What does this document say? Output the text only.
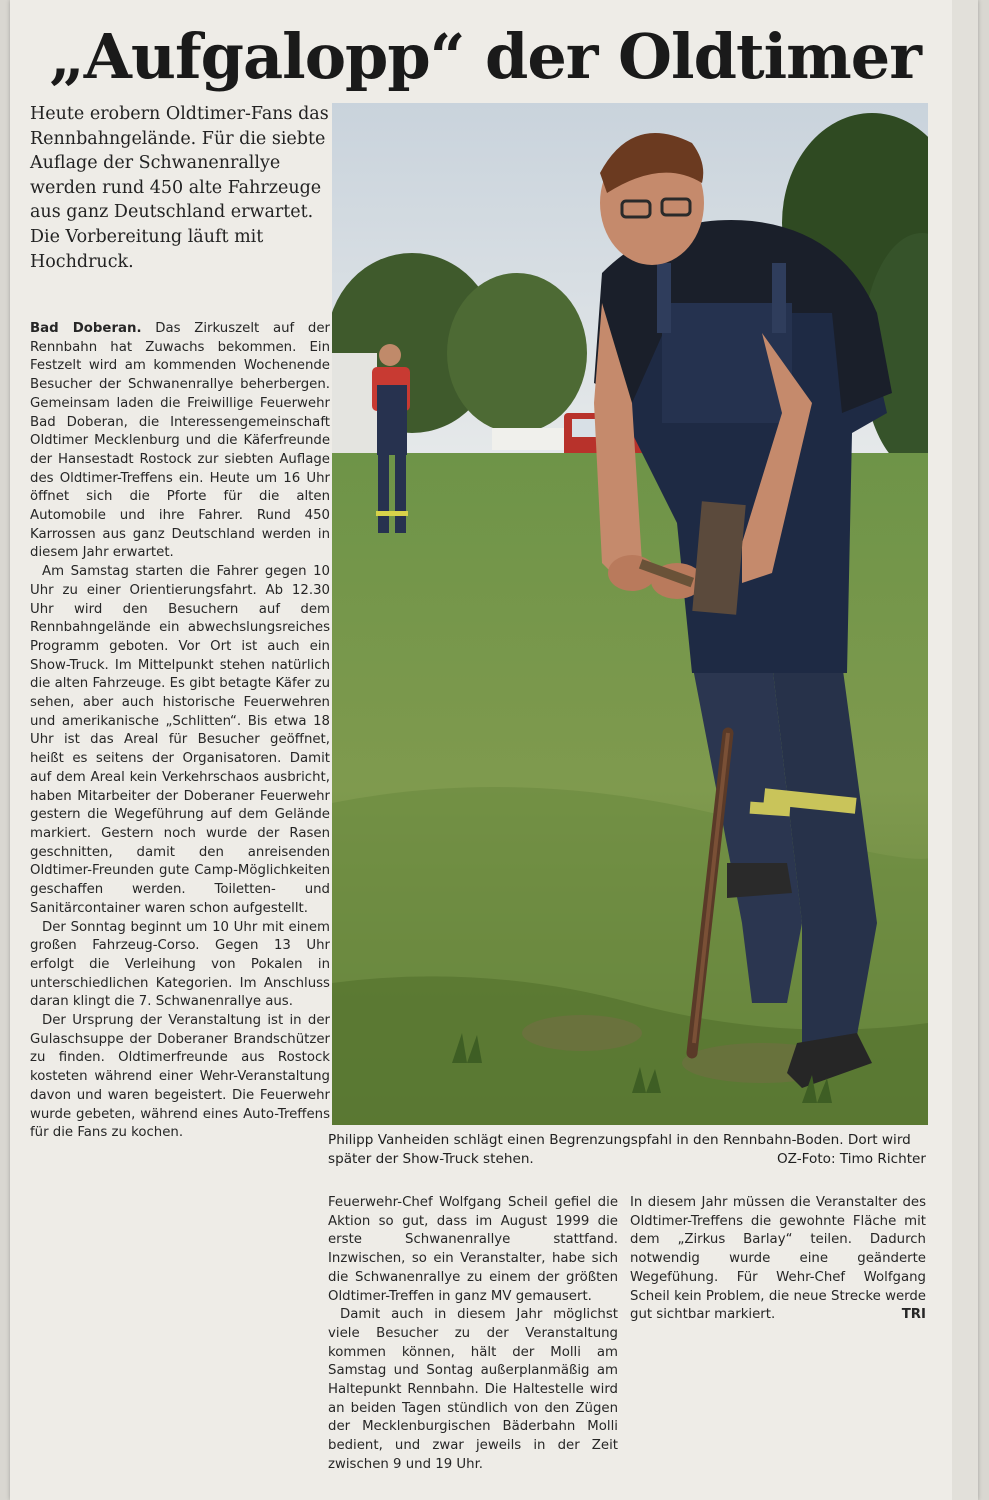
„Aufgalopp“ der Oldtimer
Heute erobern Oldtimer-Fans das Rennbahngelände. Für die siebte Auflage der Schwanenrallye werden rund 450 alte Fahrzeuge aus ganz Deutschland erwartet. Die Vorbereitung läuft mit Hochdruck.

Bad Doberan. Das Zirkuszelt auf der Rennbahn hat Zuwachs bekommen. Ein Festzelt wird am kommenden Wochenende Besucher der Schwanenrallye beherbergen. Gemeinsam laden die Freiwillige Feuerwehr Bad Doberan, die Interessengemeinschaft Oldtimer Mecklenburg und die Käferfreunde der Hansestadt Rostock zur siebten Auflage des Oldtimer-Treffens ein. Heute um 16 Uhr öffnet sich die Pforte für die alten Automobile und ihre Fahrer. Rund 450 Karrossen aus ganz Deutschland werden in diesem Jahr erwartet.

Am Samstag starten die Fahrer gegen 10 Uhr zu einer Orientierungsfahrt. Ab 12.30 Uhr wird den Besuchern auf dem Rennbahngelände ein abwechslungsreiches Programm geboten. Vor Ort ist auch ein Show-Truck. Im Mittelpunkt stehen natürlich die alten Fahrzeuge. Es gibt betagte Käfer zu sehen, aber auch historische Feuerwehren und amerikanische „Schlitten“. Bis etwa 18 Uhr ist das Areal für Besucher geöffnet, heißt es seitens der Organisatoren. Damit auf dem Areal kein Verkehrschaos ausbricht, haben Mitarbeiter der Doberaner Feuerwehr gestern die Wegeführung auf dem Gelände markiert. Gestern noch wurde der Rasen geschnitten, damit den anreisenden Oldtimer-Freunden gute Camp-Möglichkeiten geschaffen werden. Toiletten- und Sanitärcontainer waren schon aufgestellt.

Der Sonntag beginnt um 10 Uhr mit einem großen Fahrzeug-Corso. Gegen 13 Uhr erfolgt die Verleihung von Pokalen in unterschiedlichen Kategorien. Im Anschluss daran klingt die 7. Schwanenrallye aus.

Der Ursprung der Veranstaltung ist in der Gulaschsuppe der Doberaner Brandschützer zu finden. Oldtimerfreunde aus Rostock kosteten während einer Wehr-Veranstaltung davon und waren begeistert. Die Feuerwehr wurde gebeten, während eines Auto-Treffens für die Fans zu kochen.	Philipp Vanheiden schlägt einen Begrenzungspfahl in den Rennbahn-Boden. Dort wird später der Show-Truck stehen.	OZ-Foto: Timo Richter

Feuerwehr-Chef Wolfgang Scheil gefiel die Aktion so gut, dass im August 1999 die erste Schwanenrallye stattfand. Inzwischen, so ein Veranstalter, habe sich die Schwanenrallye zu einem der größten Oldtimer-Treffen in ganz MV gemausert.

Damit auch in diesem Jahr möglichst viele Besucher zu der Veranstaltung kommen können, hält der Molli am Samstag und Sontag außerplanmäßig am Haltepunkt Rennbahn. Die Haltestelle wird an beiden Tagen stündlich von den Zügen der Mecklenburgischen Bäderbahn Molli bedient, und zwar jeweils in der Zeit zwischen 9 und 19 Uhr.

In diesem Jahr müssen die Veranstalter des Oldtimer-Treffens die gewohnte Fläche mit dem „Zirkus Barlay“ teilen. Dadurch notwendig wurde eine geänderte Wegefühung. Für Wehr-Chef Wolfgang Scheil kein Problem, die neue Strecke werde gut sichtbar markiert.	TRI
